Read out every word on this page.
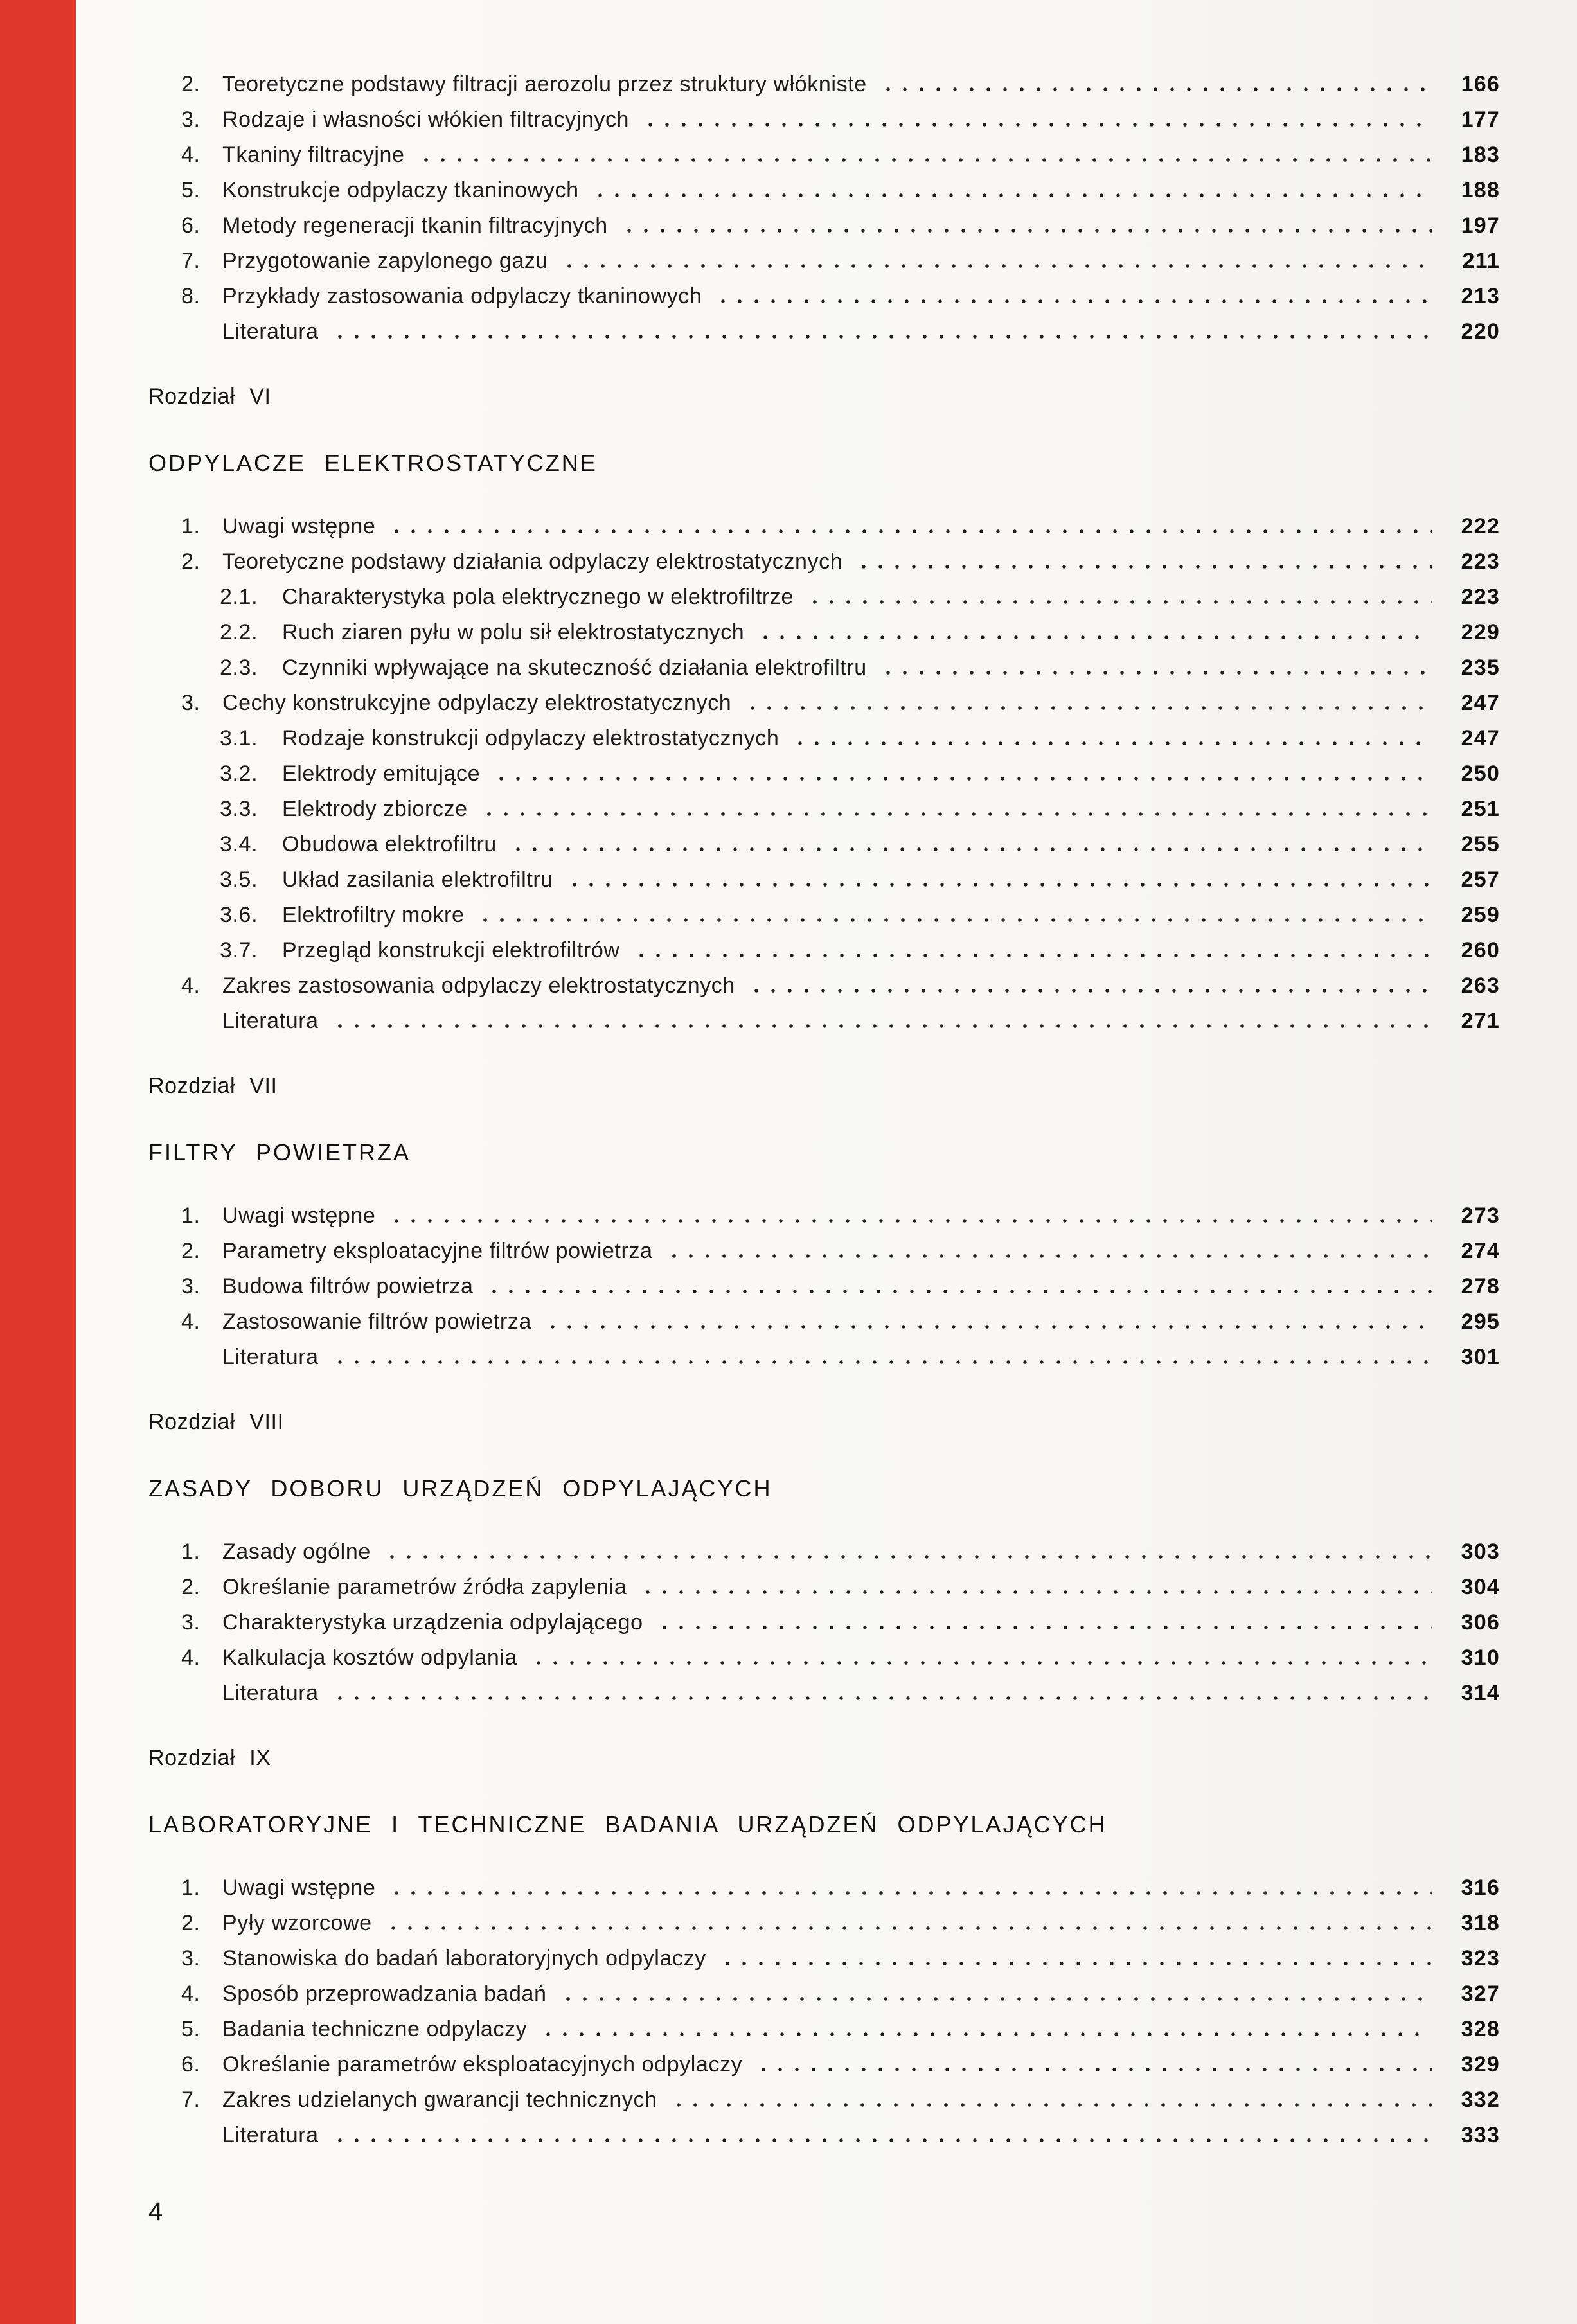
2.	Teoretyczne podstawy filtracji aerozolu przez struktury włókniste	166
3.	Rodzaje i własności włókien filtracyjnych	177
4.	Tkaniny filtracyjne	183
5.	Konstrukcje odpylaczy tkaninowych	188
6.	Metody regeneracji tkanin filtracyjnych	197
7.	Przygotowanie zapylonego gazu	211
8.	Przykłady zastosowania odpylaczy tkaninowych	213
Literatura	220
Rozdział VI
ODPYLACZE ELEKTROSTATYCZNE
1.	Uwagi wstępne	222
2.	Teoretyczne podstawy działania odpylaczy elektrostatycznych	223
2.1.	Charakterystyka pola elektrycznego w elektrofiltrze	223
2.2.	Ruch ziaren pyłu w polu sił elektrostatycznych	229
2.3.	Czynniki wpływające na skuteczność działania elektrofiltru	235
3.	Cechy konstrukcyjne odpylaczy elektrostatycznych	247
3.1.	Rodzaje konstrukcji odpylaczy elektrostatycznych	247
3.2.	Elektrody emitujące	250
3.3.	Elektrody zbiorcze	251
3.4.	Obudowa elektrofiltru	255
3.5.	Układ zasilania elektrofiltru	257
3.6.	Elektrofiltry mokre	259
3.7.	Przegląd konstrukcji elektrofiltrów	260
4.	Zakres zastosowania odpylaczy elektrostatycznych	263
Literatura	271
Rozdział VII
FILTRY POWIETRZA
1.	Uwagi wstępne	273
2.	Parametry eksploatacyjne filtrów powietrza	274
3.	Budowa filtrów powietrza	278
4.	Zastosowanie filtrów powietrza	295
Literatura	301
Rozdział VIII
ZASADY DOBORU URZĄDZEŃ ODPYLAJĄCYCH
1.	Zasady ogólne	303
2.	Określanie parametrów źródła zapylenia	304
3.	Charakterystyka urządzenia odpylającego	306
4.	Kalkulacja kosztów odpylania	310
Literatura	314
Rozdział IX
LABORATORYJNE I TECHNICZNE BADANIA URZĄDZEŃ ODPYLAJĄCYCH
1.	Uwagi wstępne	316
2.	Pyły wzorcowe	318
3.	Stanowiska do badań laboratoryjnych odpylaczy	323
4.	Sposób przeprowadzania badań	327
5.	Badania techniczne odpylaczy	328
6.	Określanie parametrów eksploatacyjnych odpylaczy	329
7.	Zakres udzielanych gwarancji technicznych	332
Literatura	333
4
